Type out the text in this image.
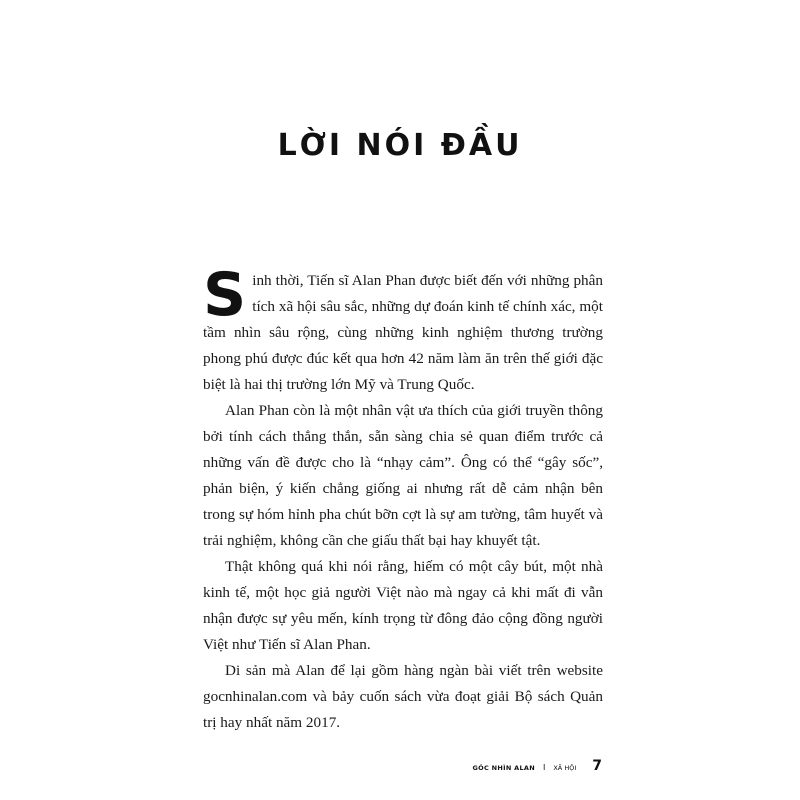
LỜI NÓI ĐẦU

Sinh thời, Tiến sĩ Alan Phan được biết đến với những phân tích xã hội sâu sắc, những dự đoán kinh tế chính xác, một tầm nhìn sâu rộng, cùng những kinh nghiệm thương trường phong phú được đúc kết qua hơn 42 năm làm ăn trên thế giới đặc biệt là hai thị trường lớn Mỹ và Trung Quốc.

Alan Phan còn là một nhân vật ưa thích của giới truyền thông bởi tính cách thẳng thắn, sẵn sàng chia sẻ quan điểm trước cả những vấn đề được cho là “nhạy cảm”. Ông có thể “gây sốc”, phản biện, ý kiến chẳng giống ai nhưng rất dễ cảm nhận bên trong sự hóm hỉnh pha chút bỡn cợt là sự am tường, tâm huyết và trải nghiệm, không cần che giấu thất bại hay khuyết tật.

Thật không quá khi nói rằng, hiếm có một cây bút, một nhà kinh tế, một học giả người Việt nào mà ngay cả khi mất đi vẫn nhận được sự yêu mến, kính trọng từ đông đảo cộng đồng người Việt như Tiến sĩ Alan Phan.

Di sản mà Alan để lại gồm hàng ngàn bài viết trên website gocnhinalan.com và bảy cuốn sách vừa đoạt giải Bộ sách Quản trị hay nhất năm 2017.

GÓC NHÌN ALAN I XÃ HỘI 7
